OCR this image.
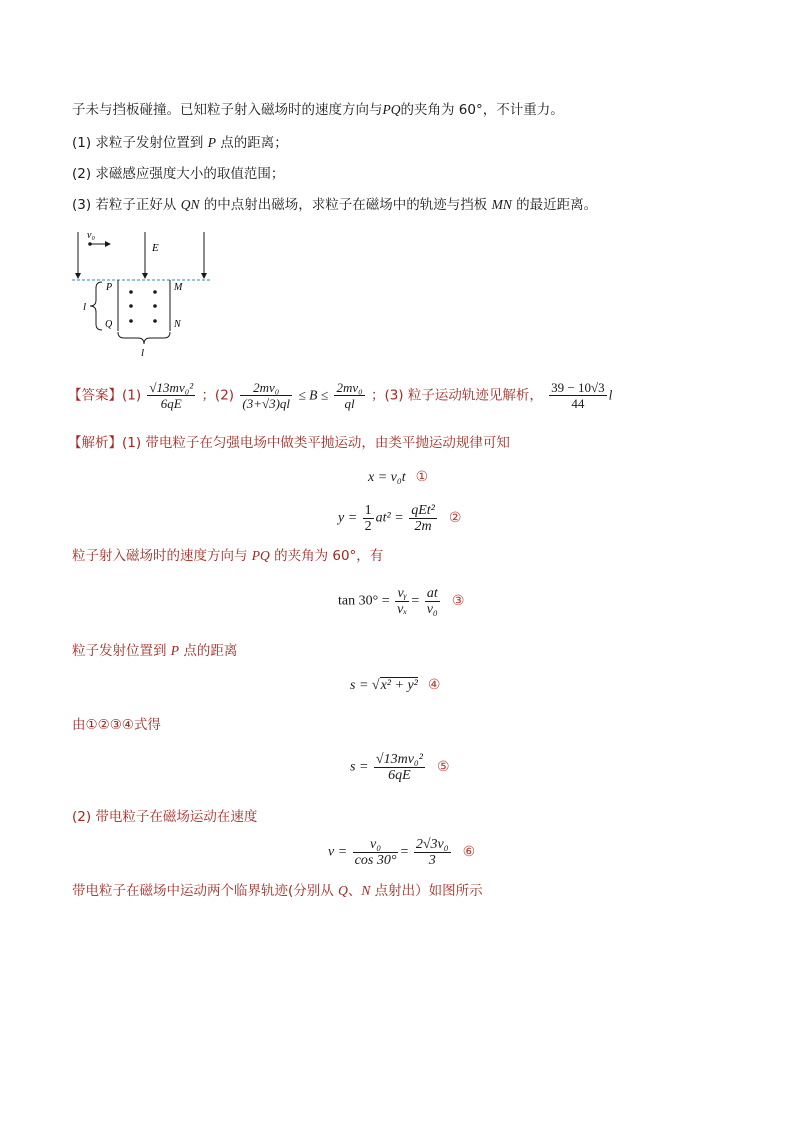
子未与挡板碰撞。已知粒子射入磁场时的速度方向与PQ的夹角为 60°，不计重力。
(1) 求粒子发射位置到 P 点的距离；
(2) 求磁感应强度大小的取值范围；
(3) 若粒子正好从 QN 的中点射出磁场，求粒子在磁场中的轨迹与挡板 MN 的最近距离。
v₀
E
P
Q
M
N
l
l
【答案】$(1) \frac{\text{√13mv₀²}}{6qE}$ ；$(2) \frac{\text{2mv₀}}{(3+√3)ql} \le B \le \frac{\text{2mv₀}}{ql}$ ；(3) 粒子运动轨迹见解析， $\frac{39 - 10√3}{44}$ l
【解析】(1) 带电粒子在匀强电场中做类平抛运动，由类平抛运动规律可知
x = v₀t ①
$y = \frac{1}{2} at^2 = \frac{\text{qEt²}}{2m}$ ②
粒子射入磁场时的速度方向与 PQ 的夹角为 60°，有
$\tan 30^\circ = \frac{\text{vᵧ}}{\text{vₓ}} = \frac{at}{\text{v₀}}$ ③
粒子发射位置到 P 点的距离
s = √x² + y² ④
由①②③④式得
$s = \frac{\text{√13mv₀²}}{6qE}$ ⑤
(2) 带电粒子在磁场运动在速度
$v = \frac{\text{v₀}}{\cos 30^\circ} = \frac{\text{2√3v₀}}{3}$ ⑥
带电粒子在磁场中运动两个临界轨迹(分别从 Q、N 点射出）如图所示
